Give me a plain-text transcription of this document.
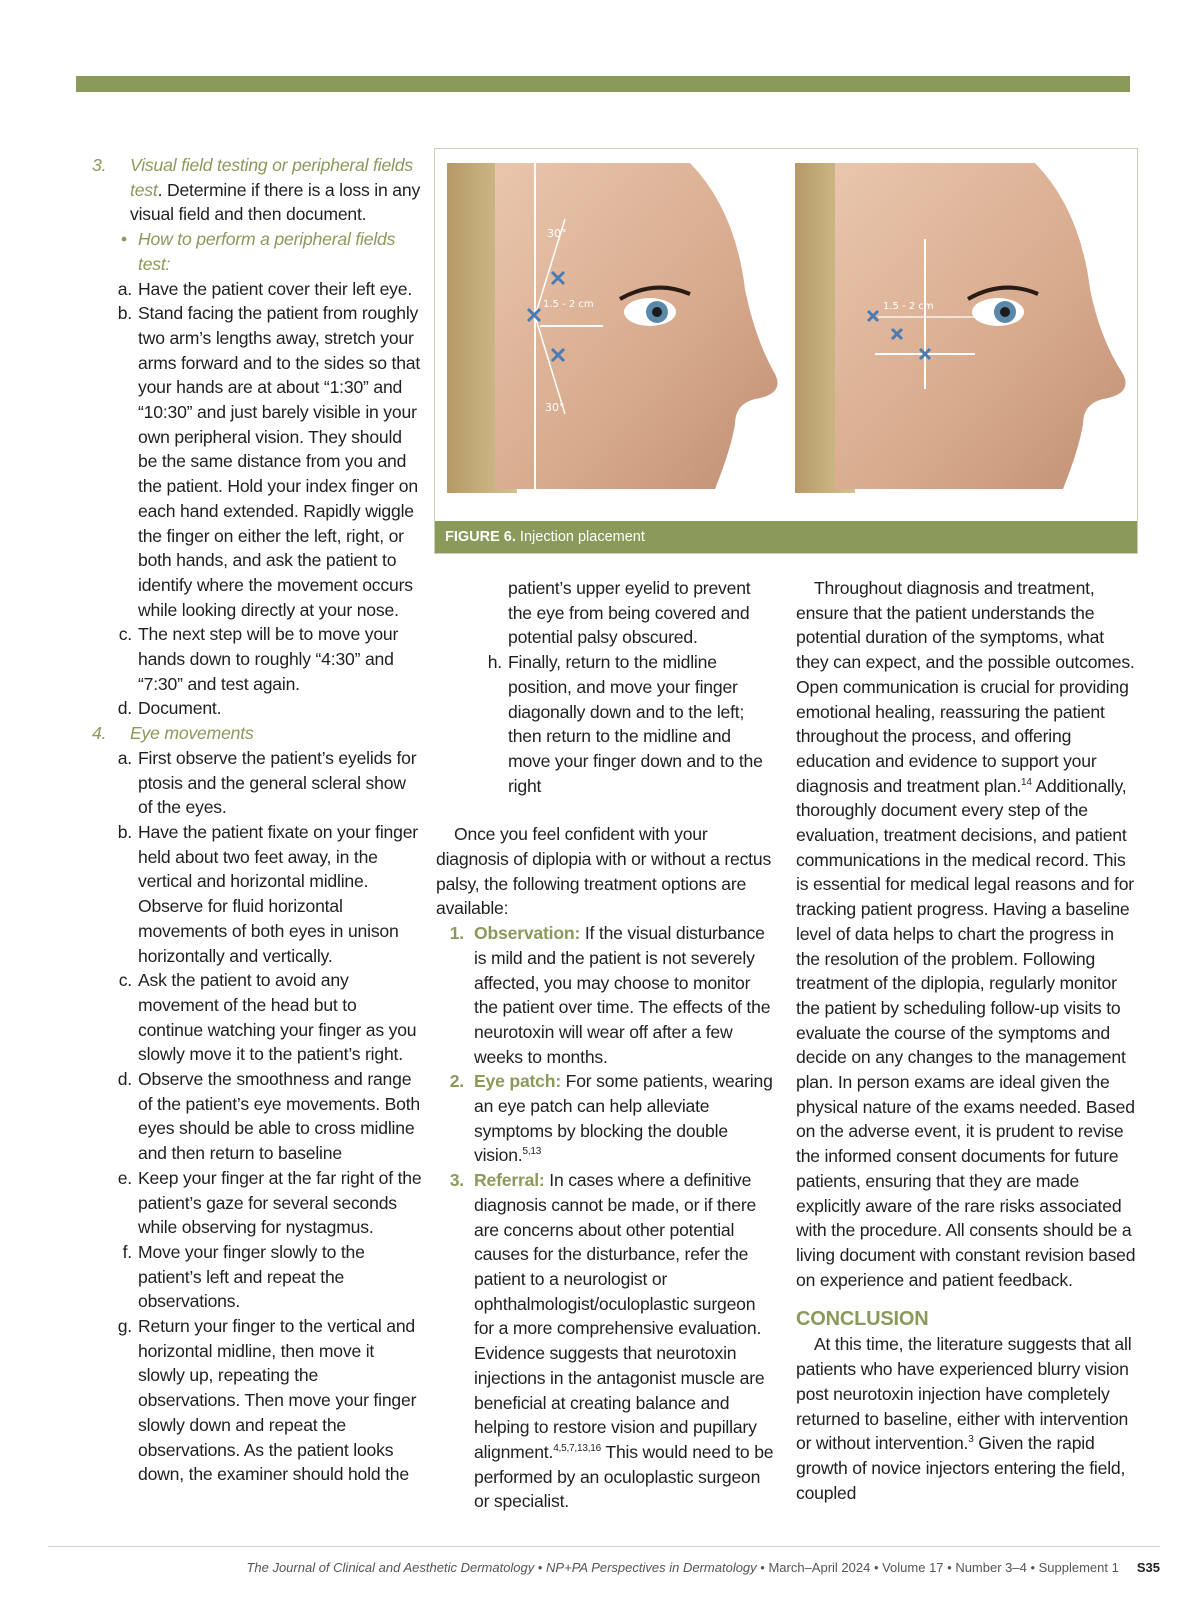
3.	Visual field testing or peripheral fields test. Determine if there is a loss in any visual field and then document.
• How to perform a peripheral fields test:
a. Have the patient cover their left eye.
b. Stand facing the patient from roughly two arm’s lengths away, stretch your arms forward and to the sides so that your hands are at about “1:30” and “10:30” and just barely visible in your own peripheral vision. They should be the same distance from you and the patient. Hold your index finger on each hand extended. Rapidly wiggle the finger on either the left, right, or both hands, and ask the patient to identify where the movement occurs while looking directly at your nose.
c. The next step will be to move your hands down to roughly “4:30” and “7:30” and test again.
d. Document.
4.	Eye movements
a. First observe the patient’s eyelids for ptosis and the general scleral show of the eyes.
b. Have the patient fixate on your finger held about two feet away, in the vertical and horizontal midline. Observe for fluid horizontal movements of both eyes in unison horizontally and vertically.
c. Ask the patient to avoid any movement of the head but to continue watching your finger as you slowly move it to the patient’s right.
d. Observe the smoothness and range of the patient’s eye movements. Both eyes should be able to cross midline and then return to baseline
e. Keep your finger at the far right of the patient’s gaze for several seconds while observing for nystagmus.
f. Move your finger slowly to the patient’s left and repeat the observations.
g. Return your finger to the vertical and horizontal midline, then move it slowly up, repeating the observations. Then move your finger slowly down and repeat the observations. As the patient looks down, the examiner should hold the
30°
30°
1.5 - 2 cm	1.5 - 2 cm
FIGURE 6. Injection placement
patient’s upper eyelid to prevent the eye from being covered and potential palsy obscured.
h. Finally, return to the midline position, and move your finger diagonally down and to the left; then return to the midline and move your finger down and to the right
Once you feel confident with your diagnosis of diplopia with or without a rectus palsy, the following treatment options are available:
1. Observation: If the visual disturbance is mild and the patient is not severely affected, you may choose to monitor the patient over time. The effects of the neurotoxin will wear off after a few weeks to months.
2. Eye patch: For some patients, wearing an eye patch can help alleviate symptoms by blocking the double vision.$^{5,13}$
3. Referral: In cases where a definitive diagnosis cannot be made, or if there are concerns about other potential causes for the disturbance, refer the patient to a neurologist or ophthalmologist/oculoplastic surgeon for a more comprehensive evaluation. Evidence suggests that neurotoxin injections in the antagonist muscle are beneficial at creating balance and helping to restore vision and pupillary alignment.$^{4,5,7,13,16}$ This would need to be performed by an oculoplastic surgeon or specialist.
Throughout diagnosis and treatment, ensure that the patient understands the potential duration of the symptoms, what they can expect, and the possible outcomes. Open communication is crucial for providing emotional healing, reassuring the patient throughout the process, and offering education and evidence to support your diagnosis and treatment plan.$^{14}$ Additionally, thoroughly document every step of the evaluation, treatment decisions, and patient communications in the medical record. This is essential for medical legal reasons and for tracking patient progress. Having a baseline level of data helps to chart the progress in the resolution of the problem. Following treatment of the diplopia, regularly monitor the patient by scheduling follow-up visits to evaluate the course of the symptoms and decide on any changes to the management plan. In person exams are ideal given the physical nature of the exams needed. Based on the adverse event, it is prudent to revise the informed consent documents for future patients, ensuring that they are made explicitly aware of the rare risks associated with the procedure. All consents should be a living document with constant revision based on experience and patient feedback.
CONCLUSION
At this time, the literature suggests that all patients who have experienced blurry vision post neurotoxin injection have completely returned to baseline, either with intervention or without intervention.$^3$ Given the rapid growth of novice injectors entering the field, coupled
The Journal of Clinical and Aesthetic Dermatology • NP+PA Perspectives in Dermatology • March–April 2024 • Volume 17 • Number 3–4 • Supplement 1 S35
